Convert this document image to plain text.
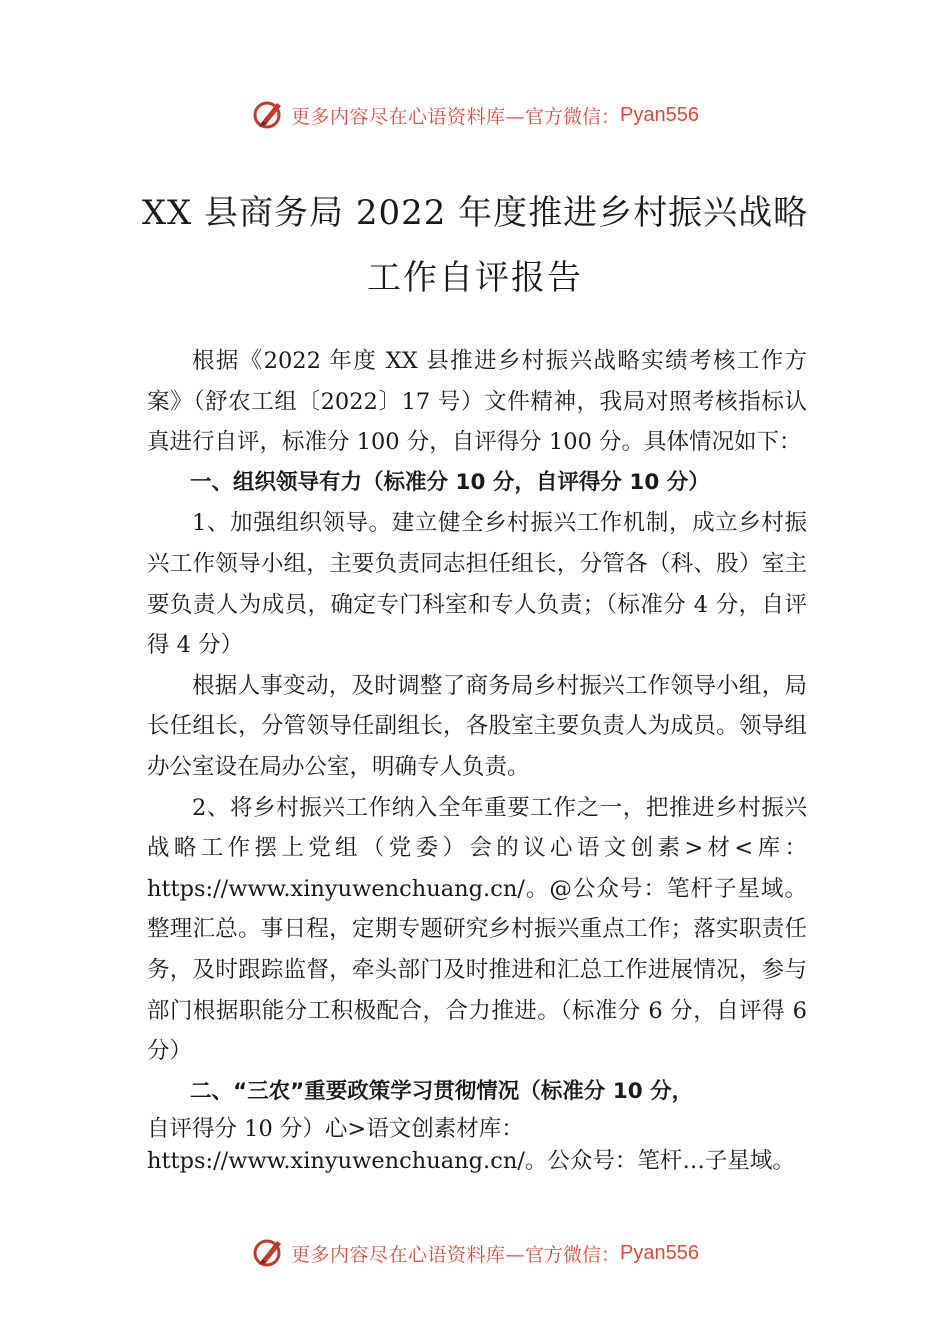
更多内容尽在心语资料库— 官方微信： Pyan556
XX 县商务局 2022 年度推进乡村振兴战略
工作自评报告

根据《2022 年度 XX 县推进乡村振兴战略实绩考核工作方案》（舒农工组〔2022〕17 号）文件精神，我局对照考核指标认真进行自评，标准分 100 分，自评得分 100 分。具体情况如下：

一、组织领导有力（标准分 10 分，自评得分 10 分）

1、加强组织领导。建立健全乡村振兴工作机制，成立乡村振兴工作领导小组，主要负责同志担任组长，分管各（科、股）室主要负责人为成员，确定专门科室和专人负责；（标准分 4 分，自评得 4 分）

根据人事变动，及时调整了商务局乡村振兴工作领导小组，局长任组长，分管领导任副组长，各股室主要负责人为成员。领导组办公室设在局办公室，明确专人负责。

2、将乡村振兴工作纳入全年重要工作之一，把推进乡村振兴战略工作摆上党组（党委）会的议心语文创素>材<库：https://www.xinyuwenchuang.cn/。@公众号：笔杆子星域。整理汇总。事日程，定期专题研究乡村振兴重点工作；落实职责任务，及时跟踪监督，牵头部门及时推进和汇总工作进展情况，参与部门根据职能分工积极配合，合力推进。（标准分 6 分，自评得 6 分）

二、“三农”重要政策学习贯彻情况（标准分 10 分，

自评得分 10 分）心>语文创素材库：

https://www.xinyuwenchuang.cn/。公众号：笔杆…子星域。

更多内容尽在心语资料库— 官方微信： Pyan556
